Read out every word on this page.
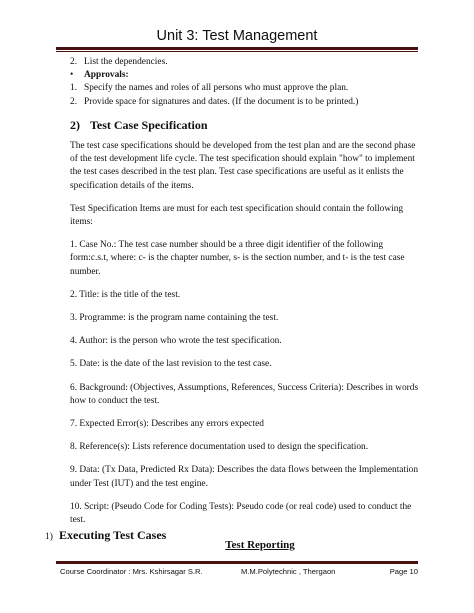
Unit 3: Test Management
2. List the dependencies.
• Approvals:
1. Specify the names and roles of all persons who must approve the plan.
2. Provide space for signatures and dates. (If the document is to be printed.)
2) Test Case Specification

The test case specifications should be developed from the test plan and are the second phase of the test development life cycle. The test specification should explain "how" to implement the test cases described in the test plan. Test case specifications are useful as it enlists the specification details of the items.

Test Specification Items are must for each test specification should contain the following items:

1. Case No.: The test case number should be a three digit identifier of the following form:c.s.t, where: c- is the chapter number, s- is the section number, and t- is the test case number.

2. Title: is the title of the test.

3. Programme: is the program name containing the test.

4. Author: is the person who wrote the test specification.

5. Date: is the date of the last revision to the test case.

6. Background: (Objectives, Assumptions, References, Success Criteria): Describes in words how to conduct the test.

7. Expected Error(s): Describes any errors expected

8. Reference(s): Lists reference documentation used to design the specification.

9. Data: (Tx Data, Predicted Rx Data): Describes the data flows between the Implementation under Test (IUT) and the test engine.

10. Script: (Pseudo Code for Coding Tests): Pseudo code (or real code) used to conduct the test.

Test Reporting
1) Executing Test Cases
Course Coordinator : Mrs. Kshirsagar S.R.	M.M.Polytechnic , Thergaon	Page 10
